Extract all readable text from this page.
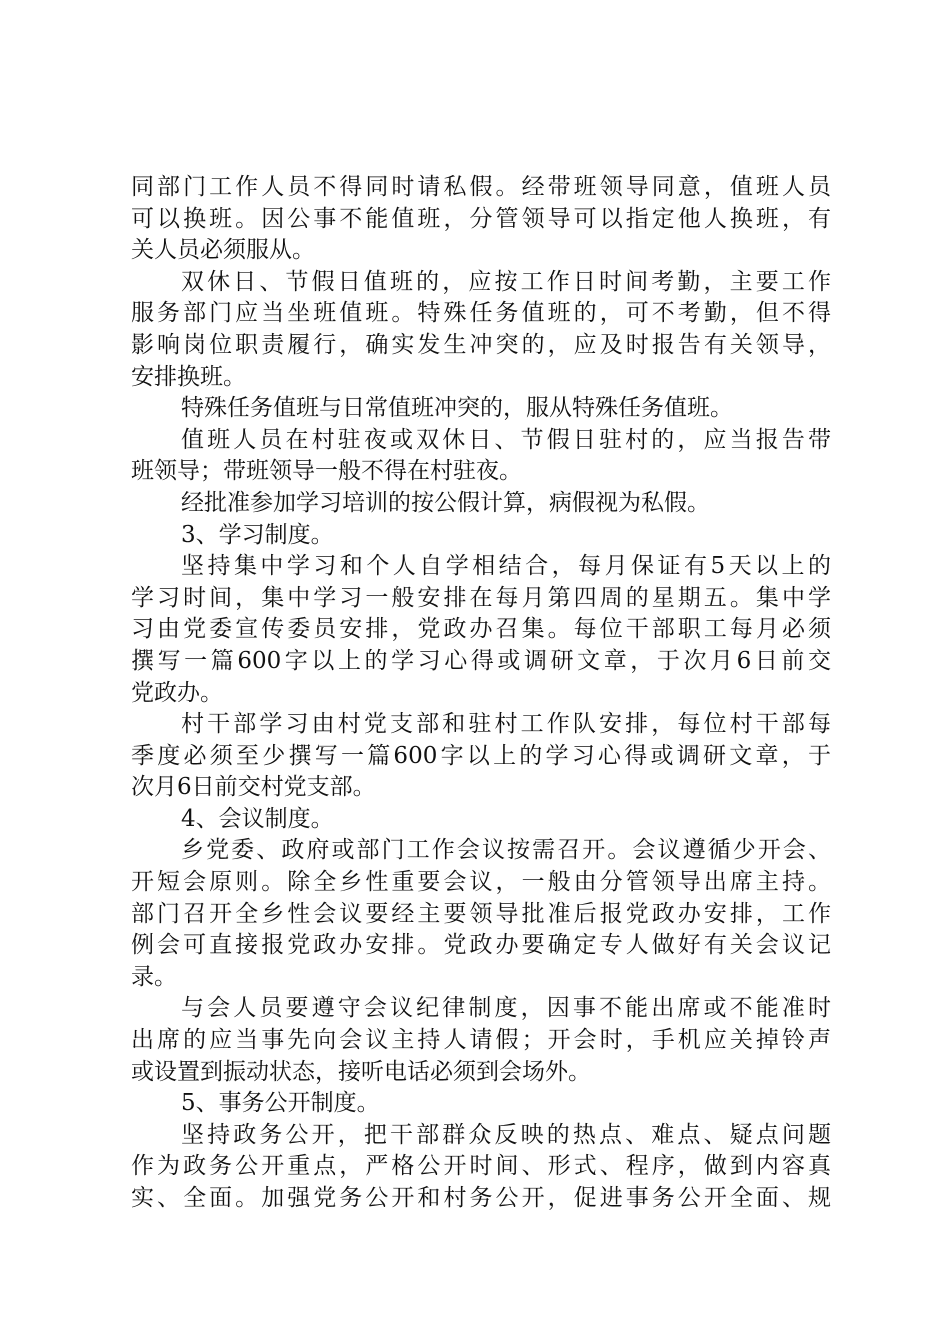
同部门工作人员不得同时请私假。经带班领导同意，值班人员
可以换班。因公事不能值班，分管领导可以指定他人换班，有
关人员必须服从。
双休日、节假日值班的，应按工作日时间考勤，主要工作
服务部门应当坐班值班。特殊任务值班的，可不考勤，但不得
影响岗位职责履行，确实发生冲突的，应及时报告有关领导，
安排换班。
特殊任务值班与日常值班冲突的，服从特殊任务值班。
值班人员在村驻夜或双休日、节假日驻村的，应当报告带
班领导；带班领导一般不得在村驻夜。
经批准参加学习培训的按公假计算，病假视为私假。
3、学习制度。
坚持集中学习和个人自学相结合，每月保证有5天以上的
学习时间，集中学习一般安排在每月第四周的星期五。集中学
习由党委宣传委员安排，党政办召集。每位干部职工每月必须
撰写一篇600字以上的学习心得或调研文章，于次月6日前交
党政办。
村干部学习由村党支部和驻村工作队安排，每位村干部每
季度必须至少撰写一篇600字以上的学习心得或调研文章，于
次月6日前交村党支部。
4、会议制度。
乡党委、政府或部门工作会议按需召开。会议遵循少开会、
开短会原则。除全乡性重要会议，一般由分管领导出席主持。
部门召开全乡性会议要经主要领导批准后报党政办安排，工作
例会可直接报党政办安排。党政办要确定专人做好有关会议记
录。
与会人员要遵守会议纪律制度，因事不能出席或不能准时
出席的应当事先向会议主持人请假；开会时，手机应关掉铃声
或设置到振动状态，接听电话必须到会场外。
5、事务公开制度。
坚持政务公开，把干部群众反映的热点、难点、疑点问题
作为政务公开重点，严格公开时间、形式、程序，做到内容真
实、全面。加强党务公开和村务公开，促进事务公开全面、规
